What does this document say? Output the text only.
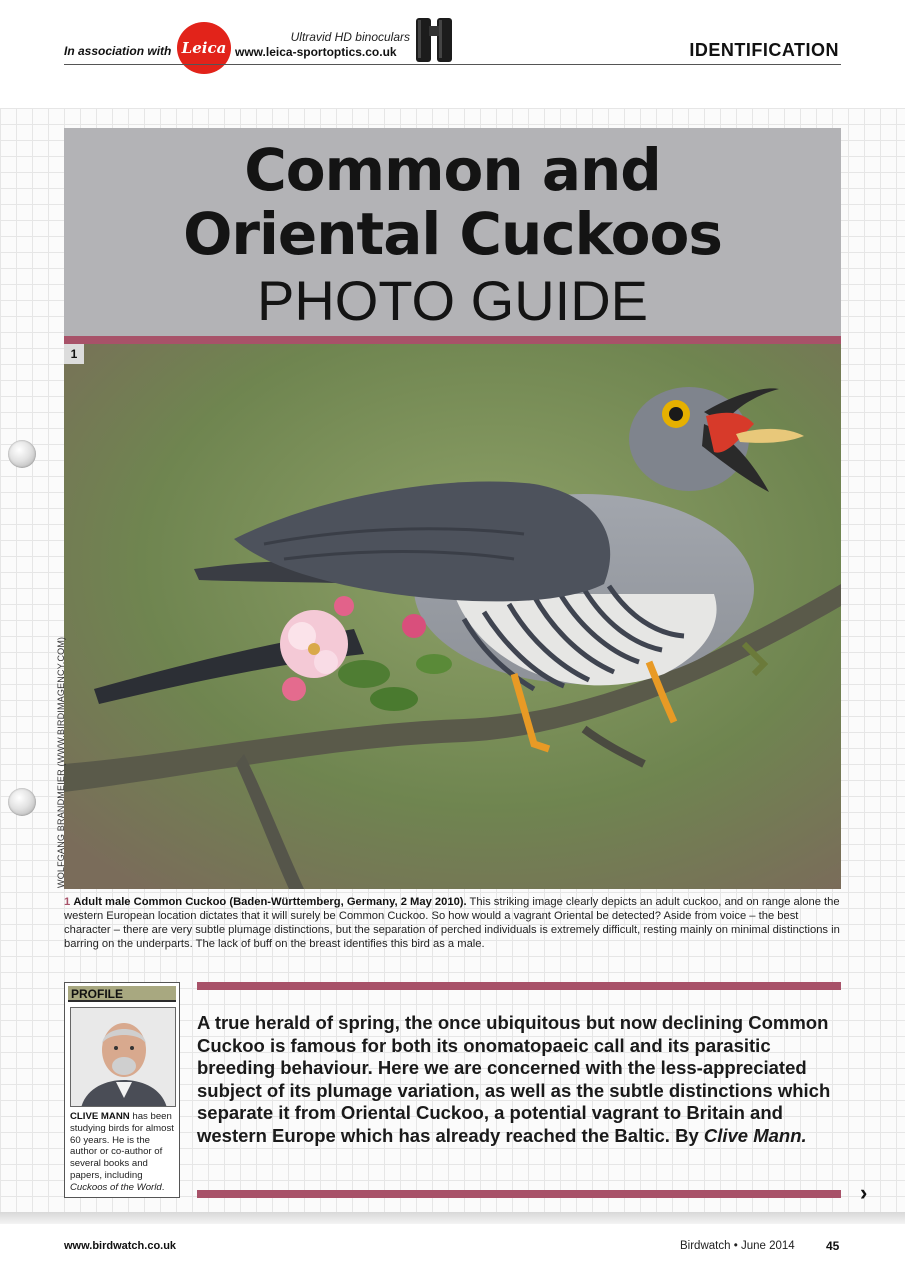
In association with Leica
Ultravid HD binoculars
www.leica-sportoptics.co.uk	IDENTIFICATION
Common and
Oriental Cuckoos
PHOTO GUIDE
1
WOLFGANG BRANDMEIER (WWW.BIRDIMAGENCY.COM)
1 Adult male Common Cuckoo (Baden-Württemberg, Germany, 2 May 2010). This striking image clearly depicts an adult cuckoo, and on range alone the western European location dictates that it will surely be Common Cuckoo. So how would a vagrant Oriental be detected? Aside from voice – the best character – there are very subtle plumage distinctions, but the separation of perched individuals is extremely difficult, resting mainly on minimal distinctions in barring on the underparts. The lack of buff on the breast identifies this bird as a male.
PROFILE
CLIVE MANN has been studying birds for almost 60 years. He is the author or co-author of several books and papers, including Cuckoos of the World.
A true herald of spring, the once ubiquitous but now declining Common Cuckoo is famous for both its onomatopaeic call and its parasitic breeding behaviour. Here we are concerned with the less-appreciated subject of its plumage variation, as well as the subtle distinctions which separate it from Oriental Cuckoo, a potential vagrant to Britain and western Europe which has already reached the Baltic. By Clive Mann.
›
www.birdwatch.co.uk	Birdwatch • June 2014	45
